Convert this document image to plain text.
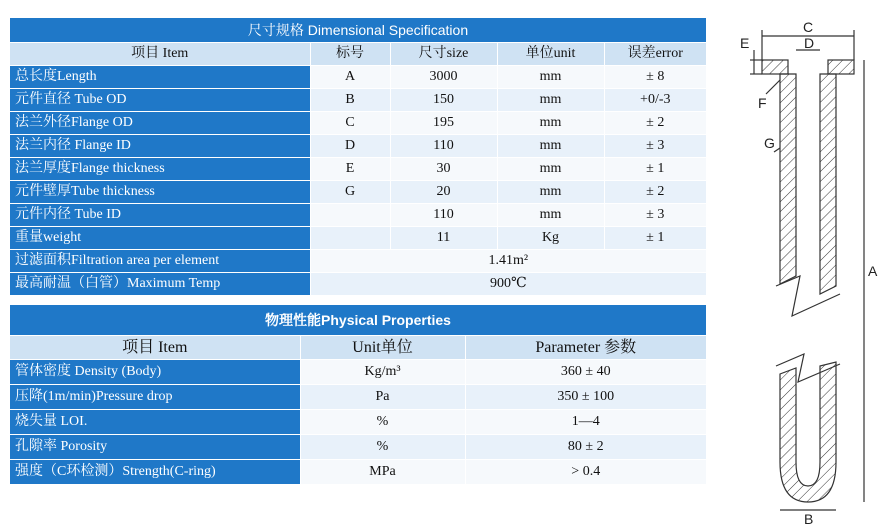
尺寸规格 Dimensional Specification				
项目 Item	标号	尺寸size	单位unit	误差error
总长度Length	A	3000	mm	± 8
元件直径 Tube OD	B	150	mm	+0/-3
法兰外径Flange OD	C	195	mm	± 2
法兰内径 Flange ID	D	110	mm	± 3
法兰厚度Flange thickness	E	30	mm	± 1
元件壁厚Tube thickness	G	20	mm	± 2
元件内径 Tube ID		110	mm	± 3
重量weight		11	Kg	± 1
过滤面积Filtration area per element	1.41m²			
最高耐温（白管）Maximum Temp	900℃			
物理性能Physical Properties		
项目 Item	Unit单位	Parameter 参数
管体密度 Density (Body)	Kg/m³	360 ± 40
压降(1m/min)Pressure drop	Pa	350 ± 100
烧失量 LOI.	%	1—4
孔隙率 Porosity	%	80 ± 2
强度（C环检测）Strength(C-ring)	MPa	> 0.4
C
D
E
F
G
A
B
